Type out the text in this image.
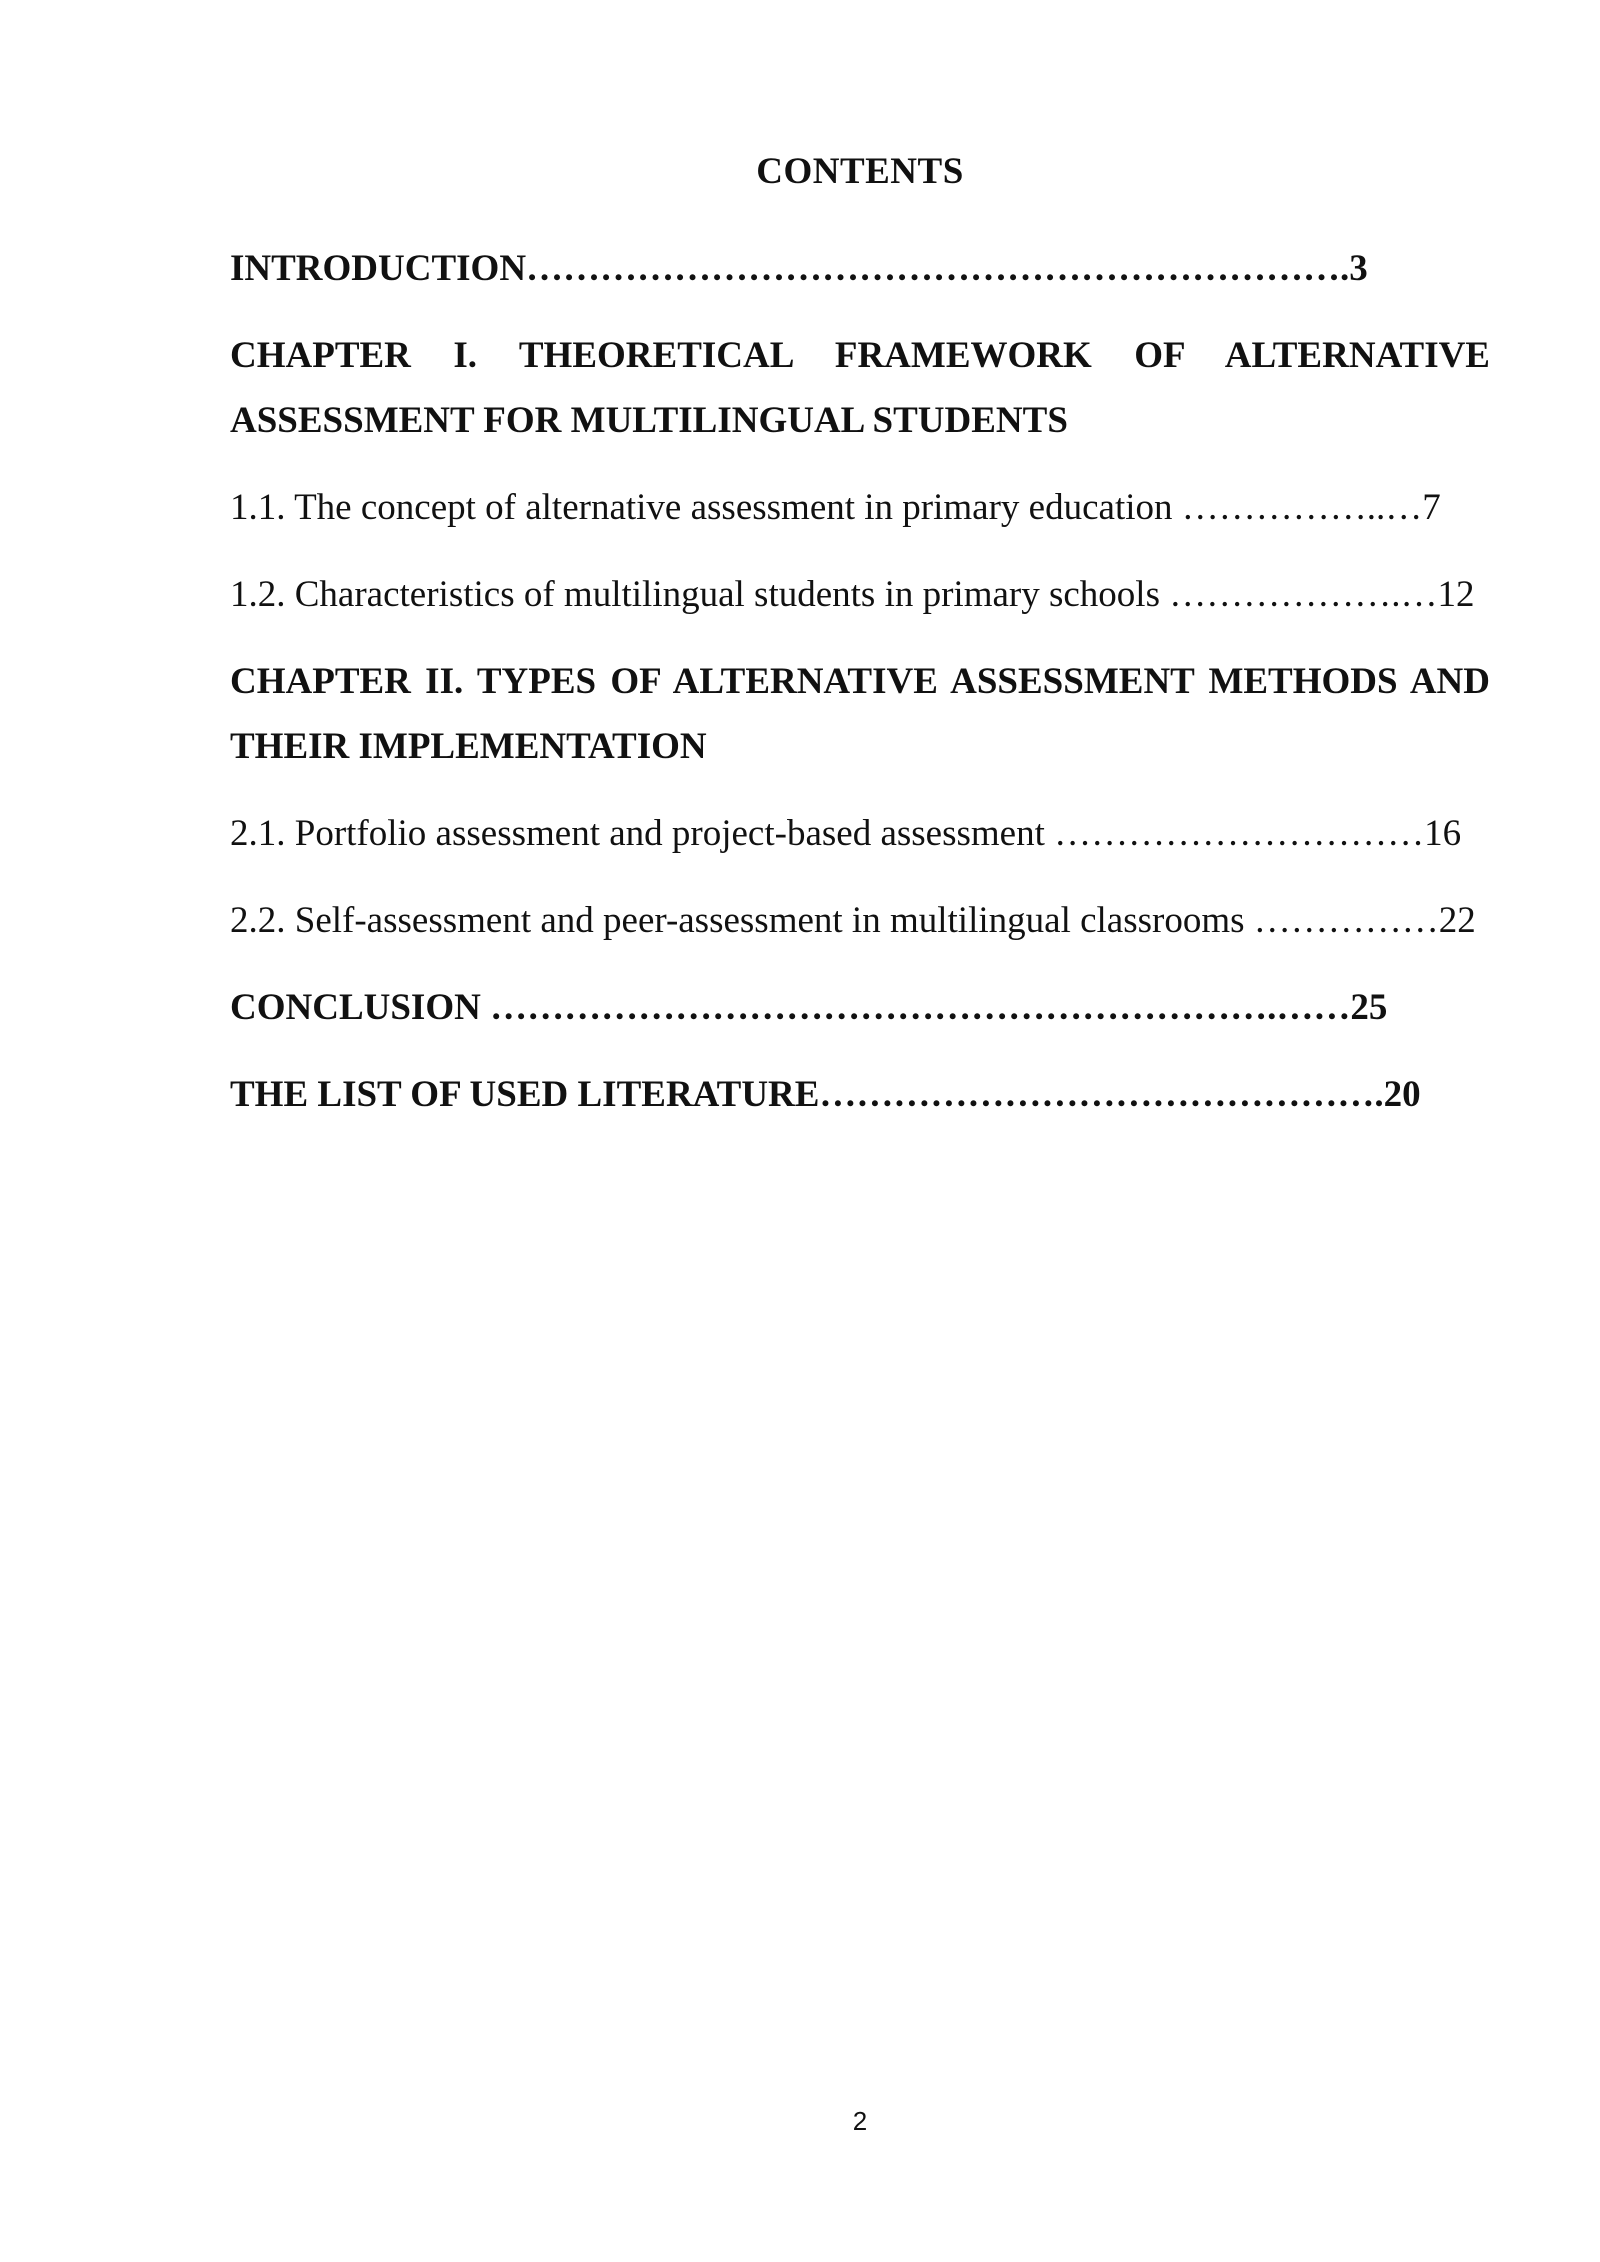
CONTENTS
INTRODUCTION………………………………………………………….3
CHAPTER I. THEORETICAL FRAMEWORK OF ALTERNATIVE
ASSESSMENT FOR MULTILINGUAL STUDENTS
1.1. The concept of alternative assessment in primary education ……………..…7
1.2. Characteristics of multilingual students in primary schools ……………….…12
CHAPTER II. TYPES OF ALTERNATIVE ASSESSMENT METHODS AND
THEIR IMPLEMENTATION
2.1. Portfolio assessment and project-based assessment …………………………16
2.2. Self-assessment and peer-assessment in multilingual classrooms ……………22
CONCLUSION ……………………………………………………….……25
THE LIST OF USED LITERATURE……………………………………….20
2
